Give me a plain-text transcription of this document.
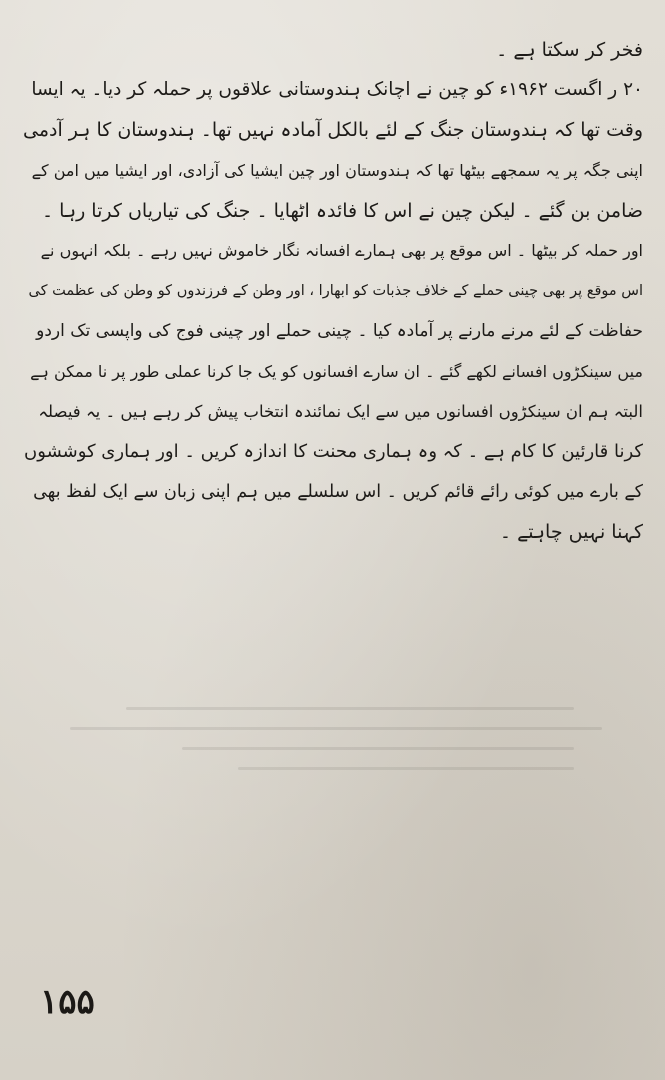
فخر کر سکتا ہے ۔
۲۰ ر اگست ۱۹۶۲ء کو چین نے اچانک ہندوستانی علاقوں پر حملہ کر دیا۔ یہ ایسا
وقت تھا کہ ہندوستان جنگ کے لئے بالکل آمادہ نہیں تھا۔ ہندوستان کا ہر آدمی
اپنی جگہ پر یہ سمجھے بیٹھا تھا کہ ہندوستان اور چین ایشیا کی آزادی، اور ایشیا میں امن کے
ضامن بن گئے ۔ لیکن چین نے اس کا فائدہ اٹھایا ۔ جنگ کی تیاریاں کرتا رہا ۔
اور حملہ کر بیٹھا ۔ اس موقع پر بھی ہمارے افسانہ نگار خاموش نہیں رہے ۔ بلکہ انہوں نے
اس موقع پر بھی چینی حملے کے خلاف جذبات کو ابھارا ، اور وطن کے فرزندوں کو وطن کی عظمت کی
حفاظت کے لئے مرنے مارنے پر آمادہ کیا ۔ چینی حملے اور چینی فوج کی واپسی تک اردو
میں سینکڑوں افسانے لکھے گئے ۔ ان سارے افسانوں کو یک جا کرنا عملی طور پر نا ممکن ہے
البتہ ہم ان سینکڑوں افسانوں میں سے ایک نمائندہ انتخاب پیش کر رہے ہیں ۔ یہ فیصلہ
کرنا قارئین کا کام ہے ۔ کہ وہ ہماری محنت کا اندازہ کریں ۔ اور ہماری کوششوں
کے بارے میں کوئی رائے قائم کریں ۔ اس سلسلے میں ہم اپنی زبان سے ایک لفظ بھی
کہنا نہیں چاہتے ۔
۱۵۵
